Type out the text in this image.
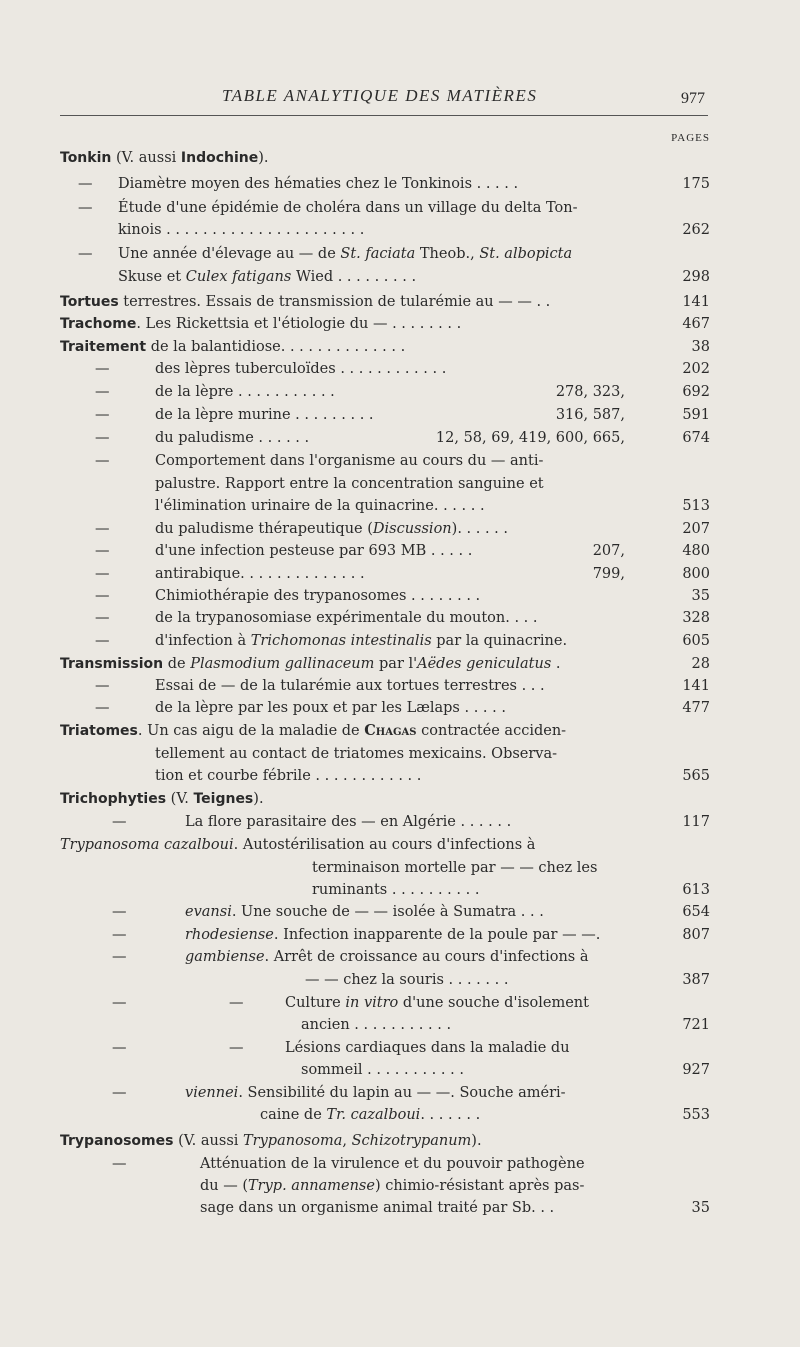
TABLE ANALYTIQUE DES MATIÈRES	977
PAGES
Tonkin (V. aussi Indochine).
— Diamètre moyen des hématies chez le Tonkinois . . . . .	175
— Étude d'une épidémie de choléra dans un village du delta Ton-
kinois . . . . . . . . . . . . . . . . . . . . . .	262
— Une année d'élevage au — de St. faciata Theob., St. albopicta
Skuse et Culex fatigans Wied . . . . . . . . .	298
Tortues terrestres. Essais de transmission de tularémie au — — . .	141
Trachome. Les Rickettsia et l'étiologie du — . . . . . . . .	467
Traitement de la balantidiose. . . . . . . . . . . . . .	38
—	des lèpres tuberculoïdes . . . . . . . . . . . .	202
—	de la lèpre . . . . . . . . . . .	278, 323,	692
—	de la lèpre murine . . . . . . . . .	316, 587,	591
—	du paludisme . . . . . .	12, 58, 69, 419, 600, 665,	674
—	Comportement dans l'organisme au cours du — anti-
palustre. Rapport entre la concentration sanguine et
l'élimination urinaire de la quinacrine. . . . . .	513
—	du paludisme thérapeutique (Discussion). . . . . .	207
—	d'une infection pesteuse par 693 MB . . . . .	207,	480
—	antirabique. . . . . . . . . . . . . .	799,	800
—	Chimiothérapie des trypanosomes . . . . . . . .	35
—	de la trypanosomiase expérimentale du mouton. . . .	328
—	d'infection à Trichomonas intestinalis par la quinacrine.	605
Transmission de Plasmodium gallinaceum par l'Aëdes geniculatus .	28
—	Essai de — de la tularémie aux tortues terrestres . . .	141
—	de la lèpre par les poux et par les Lælaps . . . . .	477
Triatomes. Un cas aigu de la maladie de Chagas contractée acciden-
tellement au contact de triatomes mexicains. Observa-
tion et courbe fébrile . . . . . . . . . . . .	565
Trichophyties (V. Teignes).
—	La flore parasitaire des — en Algérie . . . . . .	117
Trypanosoma cazalboui. Autostérilisation au cours d'infections à
terminaison mortelle par — — chez les
ruminants . . . . . . . . . .	613
—	evansi. Une souche de — — isolée à Sumatra . . .	654
—	rhodesiense. Infection inapparente de la poule par — —.	807
—	gambiense. Arrêt de croissance au cours d'infections à
— — chez la souris . . . . . . .	387
—	—	Culture in vitro d'une souche d'isolement
ancien . . . . . . . . . . .	721
—	—	Lésions cardiaques dans la maladie du
sommeil . . . . . . . . . . .	927
—	viennei. Sensibilité du lapin au — —. Souche améri-
caine de Tr. cazalboui. . . . . . .	553
Trypanosomes (V. aussi Trypanosoma, Schizotrypanum).
—	Atténuation de la virulence et du pouvoir pathogène
du — (Tryp. annamense) chimio-résistant après pas-
sage dans un organisme animal traité par Sb. . .	35
